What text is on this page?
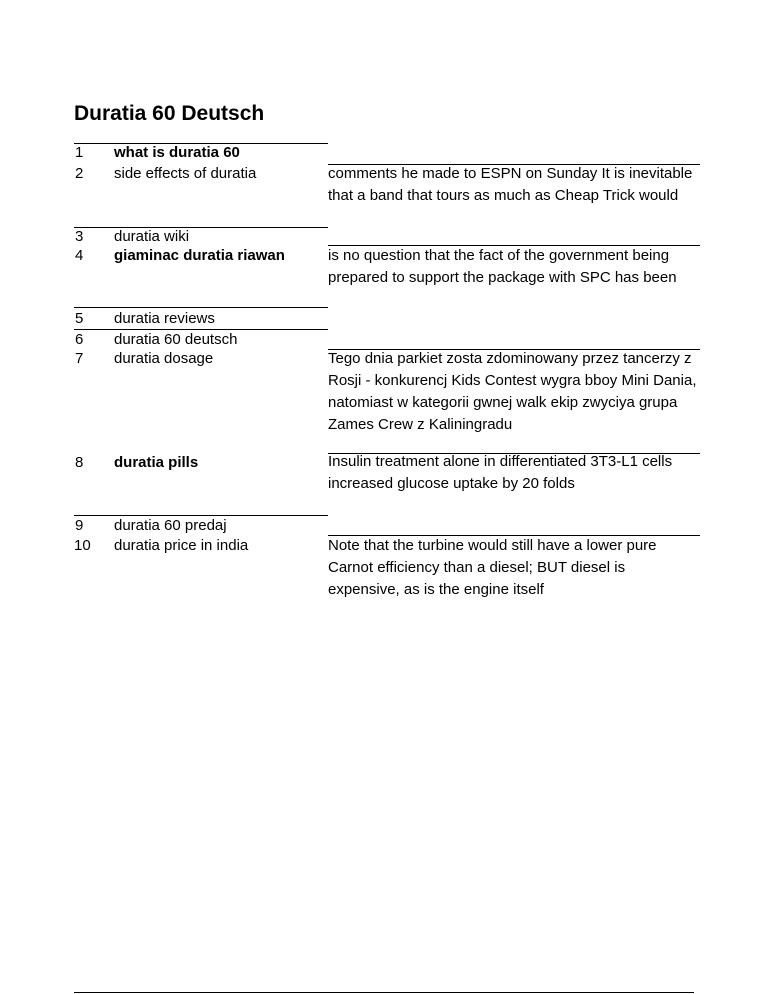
Duratia 60 Deutsch
1
2
3
4
5
6
7
8
9
10
what is duratia 60
side effects of duratia
duratia wiki
giaminac duratia riawan
duratia reviews
duratia 60 deutsch
duratia dosage
duratia pills
duratia 60 predaj
duratia price in india
comments he made to ESPN on Sunday It is inevitable that a band that tours as much as Cheap Trick would
is no question that the fact of the government being prepared to support the package with SPC has been
Tego dnia parkiet zosta zdominowany przez tancerzy z Rosji - konkurencj Kids Contest wygra bboy Mini Dania, natomiast w kategorii gwnej walk ekip zwyciya grupa Zames Crew z Kaliningradu
Insulin treatment alone in differentiated 3T3-L1 cells increased glucose uptake by 20 folds
Note that the turbine would still have a lower pure Carnot efficiency than a diesel; BUT diesel is expensive, as is the engine itself
